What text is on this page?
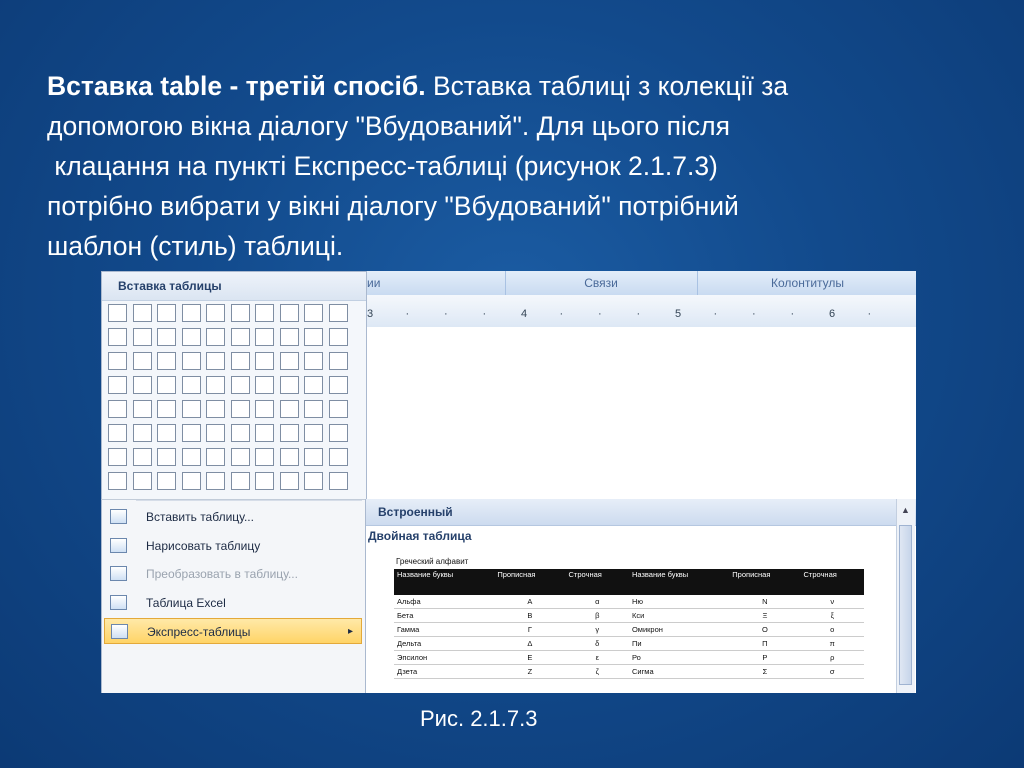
Вставка table - третій спосіб. Вставка таблиці з колекції за
допомогою вікна діалогу "Вбудований". Для цього після
клацання на пункті Експресс-таблиці (рисунок 2.1.7.3)
потрібно вибрати у вікні діалогу "Вбудований" потрібний
шаблон (стиль) таблиці.
ии	Связи	Колонтитулы
3	·	·	·	4	·	·	·	5	·	·	·	6	·
Вставка таблицы
Вставить таблицу...
Нарисовать таблицу
Преобразовать в таблицу...
Таблица Excel
Экспресс-таблицы	▸
Встроенный
Двойная таблица
Греческий алфавит
Название буквы	Прописная	Строчная	Название буквы	Прописная	Строчная
Альфа	Α	α	Ню	Ν	ν
Бета	Β	β	Кси	Ξ	ξ
Гамма	Γ	γ	Омикрон	Ο	ο
Дельта	Δ	δ	Пи	Π	π
Эпсилон	Ε	ε	Ро	Ρ	ρ
Дзета	Ζ	ζ	Сигма	Σ	σ
▲
Рис. 2.1.7.3
